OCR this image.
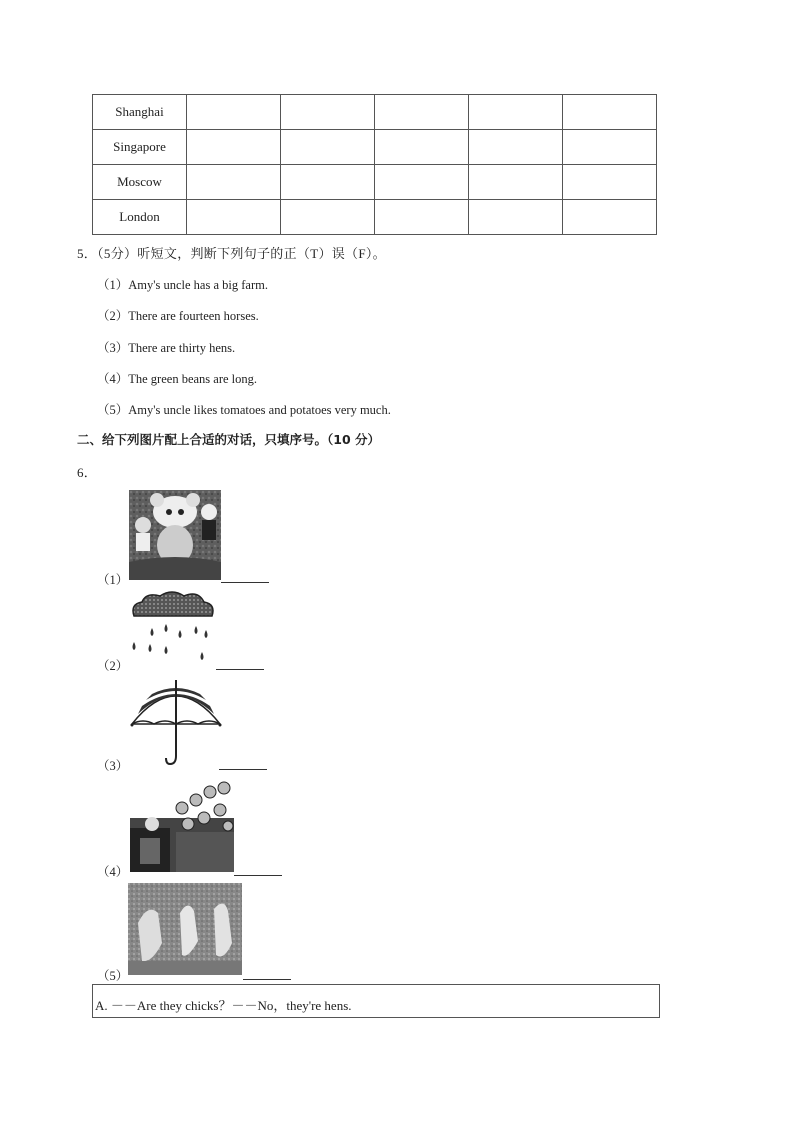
Shanghai					
Singapore					
Moscow					
London					
5．（5分）听短文，判断下列句子的正（T）误（F）。
（1）Amy's uncle has a big farm.
（2）There are fourteen horses.
（3）There are thirty hens.
（4）The green beans are long.
（5）Amy's uncle likes tomatoes and potatoes very much.
二、给下列图片配上合适的对话，只填序号。（10 分）
6．
（1）
（2）
（3）
（4）
（5）
A. －－Are they chicks？－－No，they're hens.
